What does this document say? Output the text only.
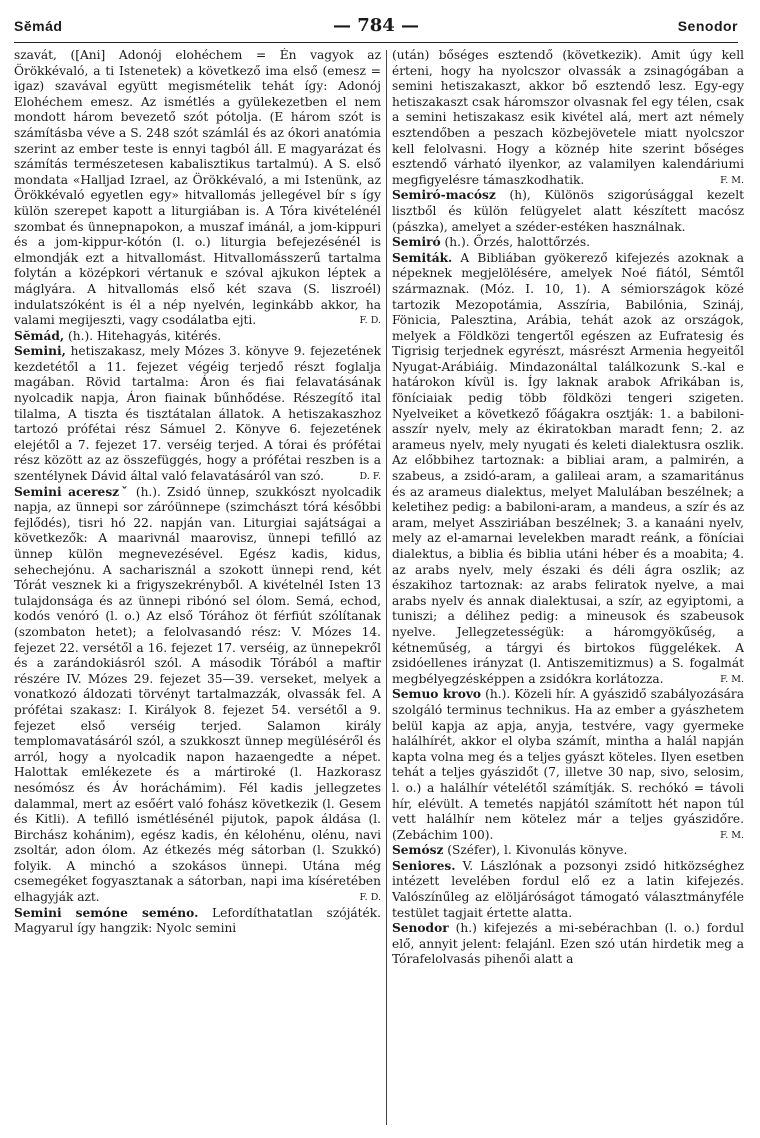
Sĕmád	— 784 —	Senodor

szavát, ([Ani] Adonój elohéchem = Én vagyok az Örökkévaló, a ti Istenetek) a következő ima első (emesz = igaz) szavával együtt megismételik tehát így: Adonój Elohéchem emesz. Az ismétlés a gyülekezetben el nem mondott három bevezető szót pótolja. (E három szót is számításba véve a S. 248 szót számlál és az ókori anatómia szerint az ember teste is ennyi tagból áll. E magyarázat és számítás természetesen kabalisztikus tartalmú). A S. első mondata «Halljad Izrael, az Örökkévaló, a mi Istenünk, az Örökkévaló egyetlen egy» hitvallomás jellegével bír s így külön szerepet kapott a liturgiában is. A Tóra kivételénél szombat és ünnepnapokon, a muszaf imánál, a jom-kippuri és a jom-kippur-kótón (l. o.) liturgia befejezésénél is elmondják ezt a hitvallomást. Hitvallomásszerű tartalma folytán a középkori vértanuk e szóval ajkukon léptek a máglyára. A hitvallomás első két szava (S. liszroél) indulatszóként is él a nép nyelvén, leginkább akkor, ha valami megijeszti, vagy csodálatba ejti.	F. D.

Sĕmád, (h.). Hitehagyás, kitérés.

Semini, hetiszakasz, mely Mózes 3. könyve 9. fejezetének kezdetétől a 11. fejezet végéig terjedő részt foglalja magában. Rövid tartalma: Áron és fiai felavatásának nyolcadik napja, Áron fiainak bűnhődése. Részegítő ital tilalma, A tiszta és tisztátalan állatok. A hetiszakaszhoz tartozó prófétai rész Sámuel 2. Könyve 6. fejezetének elejétől a 7. fejezet 17. verséig terjed. A tórai és prófétai rész között az az összefüggés, hogy a prófétai reszben is a szentélynek Dávid által való felavatásáról van szó.	D. F.

Semini acereszˇ (h.). Zsidó ünnep, szukkószt nyolcadik napja, az ünnepi sor záróünnepe (szimchászt tórá későbbi fejlődés), tisri hó 22. napján van. Liturgiai sajátságai a következők: A maarivnál maarovisz, ünnepi tefilló az ünnep külön megnevezésével. Egész kadis, kidus, sehechejónu. A sacharisznál a szokott ünnepi rend, két Tórát vesznek ki a frigyszekrényből. A kivételnél Isten 13 tulajdonsága és az ünnepi ribónó sel ólom. Semá, echod, kodós venóró (l. o.) Az első Tórához öt férfiút szólítanak (szombaton hetet); a felolvasandó rész: V. Mózes 14. fejezet 22. versétől a 16. fejezet 17. verséig, az ünnepekről és a zarándokiásról szól. A második Tórából a maftir részére IV. Mózes 29. fejezet 35—39. verseket, melyek a vonatkozó áldozati törvényt tartalmazzák, olvassák fel. A prófétai szakasz: I. Királyok 8. fejezet 54. versétől a 9. fejezet első verséig terjed. Salamon király templomavatásáról szól, a szukkoszt ünnep megüléséről és arról, hogy a nyolcadik napon hazaengedte a népet. Halottak emlékezete és a mártiroké (l. Hazkorasz nesómósz és Áv horáchámim). Fél kadis jellegzetes dalammal, mert az esőért való fohász következik (l. Gesem és Kitli). A tefilló ismétlésénél pijutok, papok áldása (l. Birchász kohánim), egész kadis, én kélohénu, olénu, navi zsoltár, adon ólom. Az étkezés még sátorban (l. Szukkó) folyik. A minchó a szokásos ünnepi. Utána még csemegéket fogyasztanak a sátorban, napi ima kíséretében elhagyják azt.	F. D.

Semini semóne seméno. Lefordíthatatlan szójáték. Magyarul így hangzik: Nyolc semini

(után) bőséges esztendő (következik). Amit úgy kell érteni, hogy ha nyolcszor olvassák a zsinagógában a semini hetiszakaszt, akkor bő esztendő lesz. Egy-egy hetiszakaszt csak háromszor olvasnak fel egy télen, csak a semini hetiszakasz esik kivétel alá, mert azt némely esztendőben a peszach közbejövetele miatt nyolcszor kell felolvasni. Hogy a köznép hite szerint bőséges esztendő várható ilyenkor, az valamilyen kalendáriumi megfigyelésre támaszkodhatik.	F. M.

Semiró-macósz (h), Különös szigorúsággal kezelt lisztből és külön felügyelet alatt készített macósz (pászka), amelyet a széder-estéken használnak.

Semiró (h.). Őrzés, halottőrzés.

Semiták. A Bibliában gyökerező kifejezés azoknak a népeknek megjelölésére, amelyek Noé fiától, Sémtől származnak. (Móz. I. 10, 1). A sémiországok közé tartozik Mezopotámia, Asszíria, Babilónia, Szináj, Fönicia, Palesztina, Arábia, tehát azok az országok, melyek a Földközi tengertől egészen az Eufratesig és Tigrisig terjednek egyrészt, másrészt Armenia hegyeitől Nyugat-Arábiáig. Mindazonáltal találkozunk S.-kal e határokon kívül is. Így laknak arabok Afrikában is, föníciaiak pedig több földközi tengeri szigeten. Nyelveiket a következő főágakra osztják: 1. a babiloni-asszír nyelv, mely az ékiratokban maradt fenn; 2. az arameus nyelv, mely nyugati és keleti dialektusra oszlik. Az előbbihez tartoznak: a bibliai aram, a palmirén, a szabeus, a zsidó-aram, a galileai aram, a szamaritánus és az arameus dialektus, melyet Malulában beszélnek; a keletihez pedig: a babiloni-aram, a mandeus, a szír és az aram, melyet Assziriában beszélnek; 3. a kanaáni nyelv, mely az el-amarnai levelekben maradt reánk, a föníciai dialektus, a biblia és biblia utáni héber és a moabita; 4. az arabs nyelv, mely északi és déli ágra oszlik; az északihoz tartoznak: az arabs feliratok nyelve, a mai arabs nyelv és annak dialektusai, a szír, az egyiptomi, a tuniszi; a délihez pedig: a mineusok és szabeusok nyelve. Jellegzetességük: a háromgyökűség, a kétneműség, a tárgyi és birtokos függelékek. A zsidóellenes irányzat (l. Antiszemitizmus) a S. fogalmát megbélyegzésképpen a zsidókra korlátozza.	F. M.

Semuo krovo (h.). Közeli hír. A gyászidő szabályozására szolgáló terminus technikus. Ha az ember a gyászhetem belül kapja az apja, anyja, testvére, vagy gyermeke halálhírét, akkor el olyba számít, mintha a halál napján kapta volna meg és a teljes gyászt köteles. Ilyen esetben tehát a teljes gyászidőt (7, illetve 30 nap, sivo, selosim, l. o.) a halálhír vételétől számítják. S. rechókó = távoli hír, elévült. A temetés napjától számított hét napon túl vett halálhír nem kötelez már a teljes gyászidőre. (Zebáchim 100).	F. M.

Semósz (Széfer), l. Kivonulás könyve.

Seniores. V. Lászlónak a pozsonyi zsidó hitközséghez intézett levelében fordul elő ez a latin kifejezés. Valószínűleg az elöljáróságot támogató választmányféle testület tagjait értette alatta.

Senodor (h.) kifejezés a mi-sebérachban (l. o.) fordul elő, annyit jelent: felajánl. Ezen szó után hirdetik meg a Tórafelolvasás pihenői alatt a
